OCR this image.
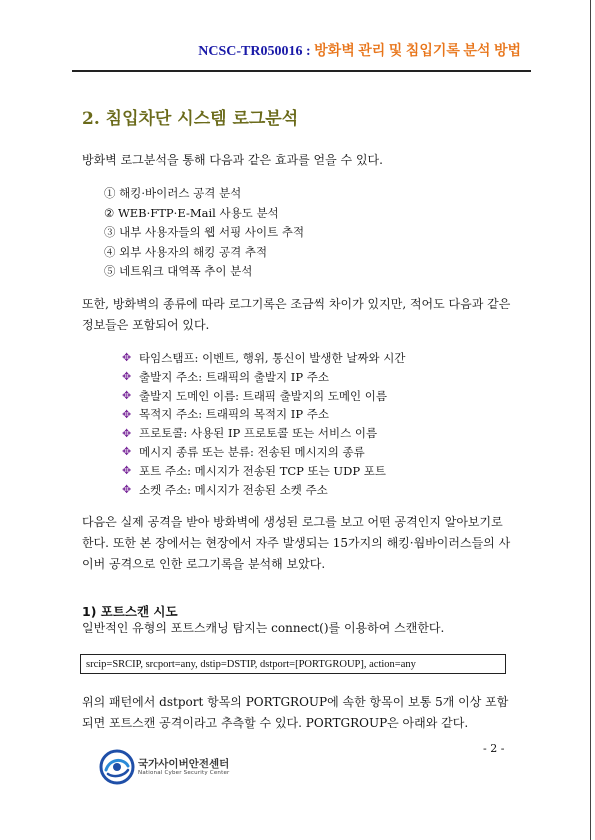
NCSC-TR050016 : 방화벽 관리 및 침입기록 분석 방법
2. 침입차단 시스템 로그분석
방화벽 로그분석을 통해 다음과 같은 효과를 얻을 수 있다.
① 해킹·바이러스 공격 분석
② WEB·FTP·E-Mail 사용도 분석
③ 내부 사용자들의 웹 서핑 사이트 추적
④ 외부 사용자의 해킹 공격 추적
⑤ 네트워크 대역폭 추이 분석
또한, 방화벽의 종류에 따라 로그기록은 조금씩 차이가 있지만, 적어도 다음과 같은 정보들은 포함되어 있다.
✥ 타임스탬프: 이벤트, 행위, 통신이 발생한 날짜와 시간
✥ 출발지 주소: 트래픽의 출발지 IP 주소
✥ 출발지 도메인 이름: 트래픽 출발지의 도메인 이름
✥ 목적지 주소: 트래픽의 목적지 IP 주소
✥ 프로토콜: 사용된 IP 프로토콜 또는 서비스 이름
✥ 메시지 종류 또는 분류: 전송된 메시지의 종류
✥ 포트 주소: 메시지가 전송된 TCP 또는 UDP 포트
✥ 소켓 주소: 메시지가 전송된 소켓 주소
다음은 실제 공격을 받아 방화벽에 생성된 로그를 보고 어떤 공격인지 알아보기로 한다. 또한 본 장에서는 현장에서 자주 발생되는 15가지의 해킹·웜바이러스들의 사이버 공격으로 인한 로그기록을 분석해 보았다.
1) 포트스캔 시도
일반적인 유형의 포트스캐닝 탐지는 connect()를 이용하여 스캔한다.
srcip=SRCIP, srcport=any, dstip=DSTIP, dstport=[PORTGROUP], action=any
위의 패턴에서 dstport 항목의 PORTGROUP에 속한 항목이 보통 5개 이상 포함되면 포트스캔 공격이라고 추측할 수 있다. PORTGROUP은 아래와 같다.
- 2 -
국가사이버안전센터
National Cyber Security Center
